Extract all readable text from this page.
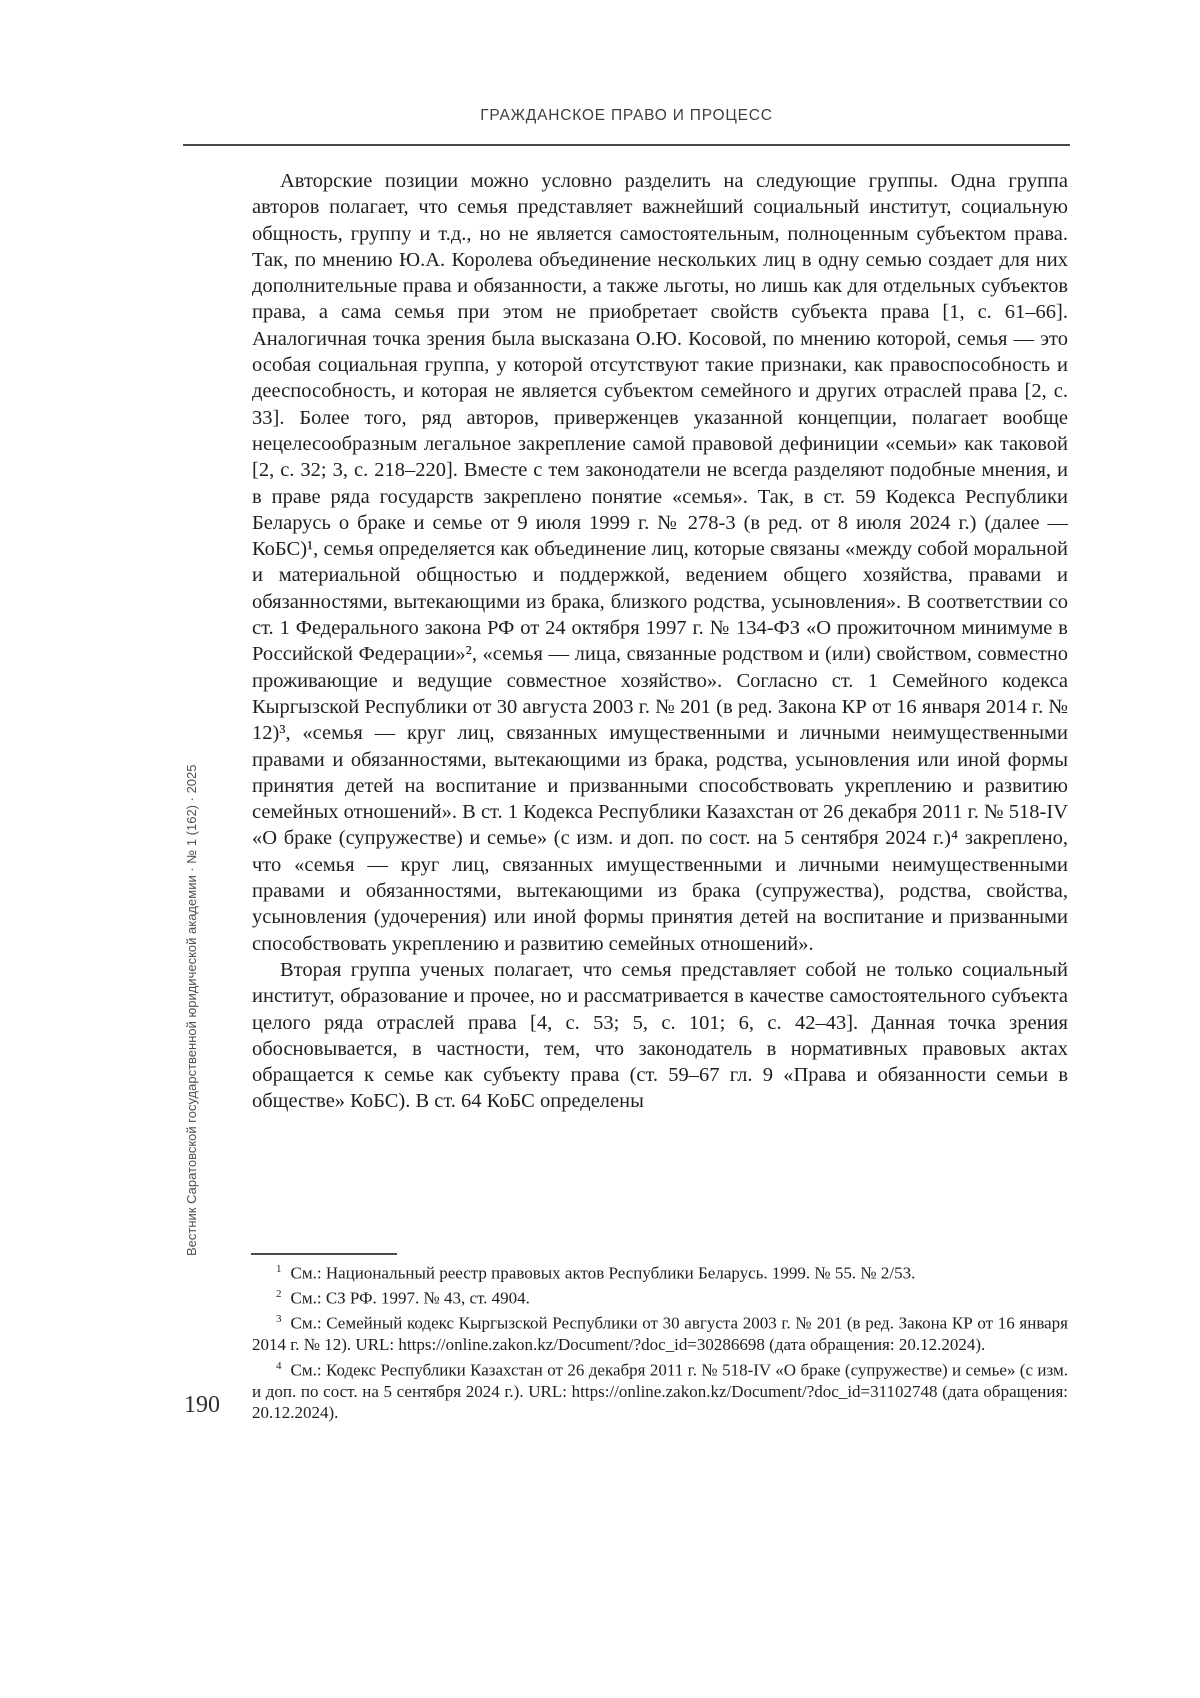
ГРАЖДАНСКОЕ ПРАВО И ПРОЦЕСС
Вестник Саратовской государственной юридической академии · № 1 (162) · 2025
190

Авторские позиции можно условно разделить на следующие группы. Одна группа авторов полагает, что семья представляет важнейший социальный институт, социальную общность, группу и т.д., но не является самостоятельным, полноценным субъектом права. Так, по мнению Ю.А. Королева объединение нескольких лиц в одну семью создает для них дополнительные права и обязанности, а также льготы, но лишь как для отдельных субъектов права, а сама семья при этом не приобретает свойств субъекта права [1, с. 61–66]. Аналогичная точка зрения была высказана О.Ю. Косовой, по мнению которой, семья — это особая социальная группа, у которой отсутствуют такие признаки, как правоспособность и дееспособность, и которая не является субъектом семейного и других отраслей права [2, с. 33]. Более того, ряд авторов, приверженцев указанной концепции, полагает вообще нецелесообразным легальное закрепление самой правовой дефиниции «семьи» как таковой [2, с. 32; 3, с. 218–220]. Вместе с тем законодатели не всегда разделяют подобные мнения, и в праве ряда государств закреплено понятие «семья». Так, в ст. 59 Кодекса Республики Беларусь о браке и семье от 9 июля 1999 г. № 278-3 (в ред. от 8 июля 2024 г.) (далее — КоБС)¹, семья определяется как объединение лиц, которые связаны «между собой моральной и материальной общностью и поддержкой, ведением общего хозяйства, правами и обязанностями, вытекающими из брака, близкого родства, усыновления». В соответствии со ст. 1 Федерального закона РФ от 24 октября 1997 г. № 134-ФЗ «О прожиточном минимуме в Российской Федерации»², «семья — лица, связанные родством и (или) свойством, совместно проживающие и ведущие совместное хозяйство». Согласно ст. 1 Семейного кодекса Кыргызской Республики от 30 августа 2003 г. № 201 (в ред. Закона КР от 16 января 2014 г. № 12)³, «семья — круг лиц, связанных имущественными и личными неимущественными правами и обязанностями, вытекающими из брака, родства, усыновления или иной формы принятия детей на воспитание и призванными способствовать укреплению и развитию семейных отношений». В ст. 1 Кодекса Республики Казахстан от 26 декабря 2011 г. № 518-IV «О браке (супружестве) и семье» (с изм. и доп. по сост. на 5 сентября 2024 г.)⁴ закреплено, что «семья — круг лиц, связанных имущественными и личными неимущественными правами и обязанностями, вытекающими из брака (супружества), родства, свойства, усыновления (удочерения) или иной формы принятия детей на воспитание и призванными способствовать укреплению и развитию семейных отношений».

Вторая группа ученых полагает, что семья представляет собой не только социальный институт, образование и прочее, но и рассматривается в качестве самостоятельного субъекта целого ряда отраслей права [4, с. 53; 5, с. 101; 6, с. 42–43]. Данная точка зрения обосновывается, в частности, тем, что законодатель в нормативных правовых актах обращается к семье как субъекту права (ст. 59–67 гл. 9 «Права и обязанности семьи в обществе» КоБС). В ст. 64 КоБС определены

$^1$ См.: Национальный реестр правовых актов Республики Беларусь. 1999. № 55. № 2/53.

$^2$ См.: СЗ РФ. 1997. № 43, ст. 4904.

$^3$ См.: Семейный кодекс Кыргызской Республики от 30 августа 2003 г. № 201 (в ред. Закона КР от 16 января 2014 г. № 12). URL: https://online.zakon.kz/Document/?doc_id=30286698 (дата обращения: 20.12.2024).

$^4$ См.: Кодекс Республики Казахстан от 26 декабря 2011 г. № 518-IV «О браке (супружестве) и семье» (с изм. и доп. по сост. на 5 сентября 2024 г.). URL: https://online.zakon.kz/Document/?doc_id=31102748 (дата обращения: 20.12.2024).
